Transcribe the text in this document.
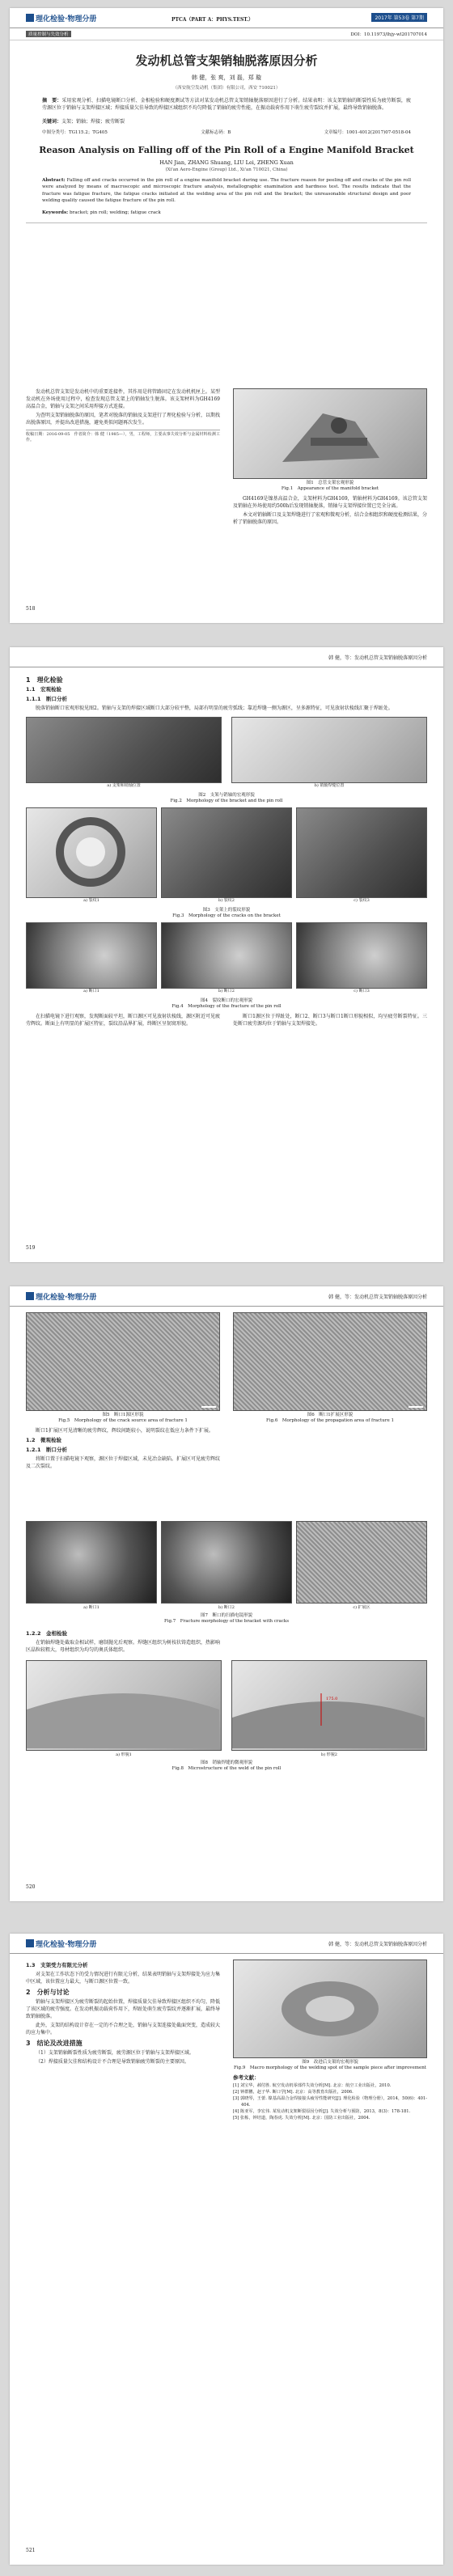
理化检验·物理分册	PTCA（PART A：PHYS.TEST.）	2017年 第53卷 第7期
质量控制与失效分析	DOI：10.11973/lhjy-wl201707014
发动机总管支架销轴脱落原因分析
韩 健，张 爽，刘 磊，郑 璇
（西安航空发动机（集团）有限公司，西安 710021）
摘　要：采用宏观分析、扫描电镜断口分析、金相检验和硬度测试等方法对某发动机总管支架销轴脱落原因进行了分析。结果表明：该支架销轴的断裂性质为疲劳断裂，疲劳源区位于销轴与支架焊接区域；焊接质量欠佳导致的焊接区域组织不均匀降低了销轴的疲劳性能，在振动载荷作用下萌生疲劳裂纹并扩展，最终导致销轴脱落。
关键词：支架；销轴；焊接；疲劳断裂
中图分类号：TG115.2；TG405	文献标志码：B	文章编号：1001-4012(2017)07-0518-04
Reason Analysis on Falling off of the Pin Roll of a Engine Manifold Bracket
HAN Jian, ZHANG Shuang, LIU Lei, ZHENG Xuan
(Xi'an Aero-Engine (Group) Ltd., Xi'an 710021, China)
Abstract: Falling off and cracks occurred in the pin roll of a engine manifold bracket during use. The fracture reason for peeling off and cracks of the pin roll were analyzed by means of macroscopic and microscopic fracture analysis, metallographic examination and hardness test. The results indicate that the fracture was fatigue fracture, the fatigue cracks initiated at the welding area of the pin roll and the bracket; the unreasonable structural design and poor welding quality caused the fatigue fracture of the pin roll.
Keywords: bracket; pin roll; welding; fatigue crack

发动机总管支架是发动机中的重要连接件，其作用是将管路固定在发动机机匣上。某型发动机在外场使用过程中，检查发现总管支架上的销轴发生脱落。该支架材料为GH4169高温合金，销轴与支架之间采用焊接方式连接。

为查明支架销轴脱落的原因，笔者对脱落的销轴及支架进行了理化检验与分析，以期找出脱落原因，并提出改进措施，避免类似问题再次发生。

收稿日期：2016-09-05　作者简介：韩 健（1985—），男，工程师，主要从事失效分析与金属材料检测工作。
图1　总管支架宏观形貌
Fig.1　Appearance of the manifold bracket

GH4169是镍基高温合金，支架材料为GH4169，销轴材料为GH4169。该总管支架及销轴在外场使用约500h后发现销轴脱落，销轴与支架焊接位置已完全分离。

本文对销轴断口及支架焊缝进行了宏观和微观分析，结合金相组织和硬度检测结果，分析了销轴脱落的原因。

518
韩 健，等：发动机总管支架销轴脱落原因分析
1　理化检验
1.1　宏观检验
1.1.1　断口分析

脱落销轴断口宏观形貌见图2。销轴与支架的焊接区域断口大部分较平整，局部有明显的疲劳弧线；靠近焊缝一侧为源区，呈多源特征，可见放射状棱线汇聚于焊趾处。

a) 支架和销轴位置	b) 销轴焊缝位置
图2　支架与销轴的宏观形貌
Fig.2　Morphology of the bracket and the pin roll
a) 裂纹1	b) 裂纹2	c) 裂纹3
图3　支架上的裂纹形貌
Fig.3　Morphology of the cracks on the bracket
a) 断口1	b) 断口2	c) 断口3
图4　裂纹断口的宏观形貌
Fig.4　Morphology of the fracture of the pin roll

在扫描电镜下进行观察，发现断面较平坦，断口源区可见放射状棱线，源区附近可见疲劳辉纹。断面上有明显的扩展区特征，裂纹沿晶界扩展，终断区呈韧窝形貌。

断口1源区位于焊趾处，断口2、断口3与断口1断口形貌相似，均呈疲劳断裂特征。三处断口疲劳源均位于销轴与支架焊接处。

519
理化检验·物理分册	韩 健，等：发动机总管支架销轴脱落原因分析
图5　断口1源区形貌
Fig.5　Morphology of the crack source area of fracture 1

断口1扩展区可见清晰的疲劳辉纹，辉纹间距较小，说明裂纹在低应力条件下扩展。

1.2　微观检验
1.2.1　断口分析

将断口置于扫描电镜下观察，源区位于焊接区域，未见冶金缺陷。扩展区可见疲劳辉纹及二次裂纹。

图6　断口1扩展区形貌
Fig.6　Morphology of the propagation area of fracture 1
a) 断口1	b) 断口2	c) 扩展区
图7　断口的扫描电镜形貌
Fig.7　Fracture morphology of the bracket with cracks
1.2.2　金相检验

在销轴焊缝处截取金相试样，磨制抛光后观察。焊缝区组织为树枝状铸造组织，热影响区晶粒较粗大，母材组织为均匀的奥氏体组织。

a) 形貌1
175.0
b) 形貌2
图8　销轴焊缝的微观形貌
Fig.8　Microstructure of the weld of the pin roll
520
理化检验·物理分册	韩 健，等：发动机总管支架销轴脱落原因分析
1.3　支架受力有限元分析

对支架在工作状态下的受力情况进行有限元分析，结果表明销轴与支架焊接处为应力集中区域，该位置应力最大，与断口源区位置一致。

2　分析与讨论

销轴与支架焊接区为疲劳断裂的起始位置，焊接质量欠佳导致焊接区组织不均匀，降低了该区域的疲劳强度。在发动机振动载荷作用下，焊趾处萌生疲劳裂纹并逐渐扩展，最终导致销轴脱落。

此外，支架的结构设计存在一定的不合理之处，销轴与支架连接处截面突变，造成较大的应力集中。

3　结论及改进措施

（1）支架销轴断裂性质为疲劳断裂，疲劳源区位于销轴与支架焊接区域。

（2）焊接质量欠佳和结构设计不合理是导致销轴疲劳断裂的主要原因。	图9　改进后支架的宏观形貌
Fig.9　Macro morphology of the welding spot of the sample piece after improvement
参考文献：
[1] 刘宝华，郝付胜. 航空发动机零部件失效分析[M]. 北京：航空工业出版社，2010.
[2] 钟群鹏，赵子华. 断口学[M]. 北京：高等教育出版社，2006.
[3] 郭晓琴，王蕾. 镍基高温合金焊接接头疲劳性能研究[J]. 理化检验（物理分册），2014，50(6)：401-404.
[4] 陈亚军，李宏伟. 某发动机支架断裂原因分析[J]. 失效分析与预防，2013，8(3)：178-181.
[5] 张栋，钟培道，陶春虎. 失效分析[M]. 北京：国防工业出版社，2004.
521
